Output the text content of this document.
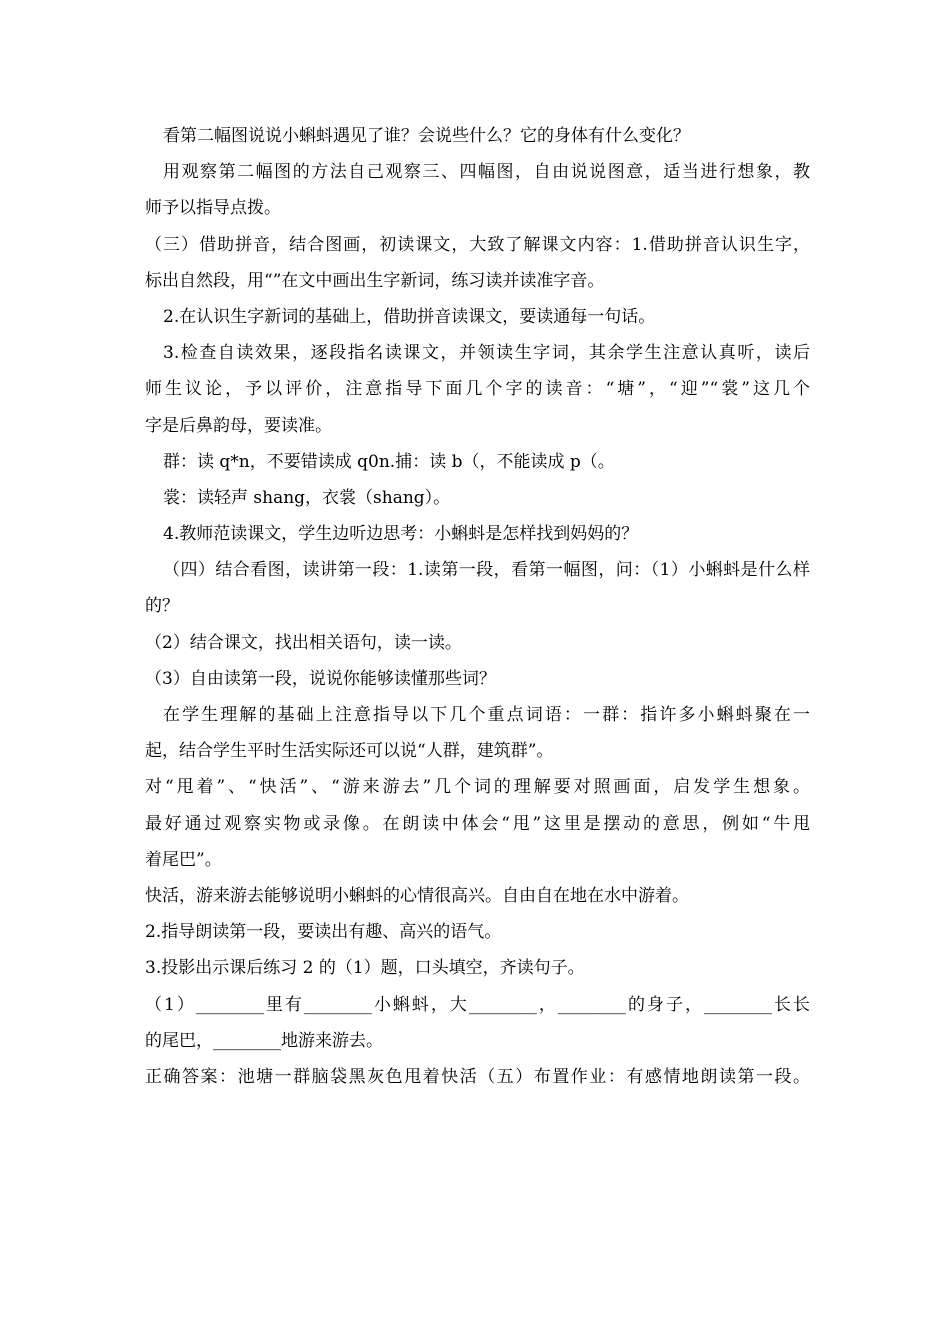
看第二幅图说说小蝌蚪遇见了谁？会说些什么？它的身体有什么变化？
用观察第二幅图的方法自己观察三、四幅图，自由说说图意，适当进行想象，教
师予以指导点拨。
（三）借助拼音，结合图画，初读课文，大致了解课文内容：1.借助拼音认识生字，
标出自然段，用“”在文中画出生字新词，练习读并读准字音。
2.在认识生字新词的基础上，借助拼音读课文，要读通每一句话。
3.检查自读效果，逐段指名读课文，并领读生字词，其余学生注意认真听，读后
师生议论，予以评价，注意指导下面几个字的读音：“塘”，“迎”“裳”这几个
字是后鼻韵母，要读准。
群：读 q*n，不要错读成 q0n.捕：读 b（，不能读成 p（。
裳：读轻声 shang，衣裳（shang）。
4.教师范读课文，学生边听边思考：小蝌蚪是怎样找到妈妈的？
（四）结合看图，读讲第一段：1.读第一段，看第一幅图，问：（1）小蝌蚪是什么样
的？
（2）结合课文，找出相关语句，读一读。
（3）自由读第一段，说说你能够读懂那些词？
在学生理解的基础上注意指导以下几个重点词语：一群：指许多小蝌蚪聚在一
起，结合学生平时生活实际还可以说“人群，建筑群”。
对“甩着”、“快活”、“游来游去”几个词的理解要对照画面，启发学生想象。
最好通过观察实物或录像。在朗读中体会“甩”这里是摆动的意思，例如“牛甩
着尾巴”。
快活，游来游去能够说明小蝌蚪的心情很高兴。自由自在地在水中游着。
2.指导朗读第一段，要读出有趣、高兴的语气。
3.投影出示课后练习 2 的（1）题，口头填空，齐读句子。
（1）________里有________小蝌蚪，大________，________的身子，________长长
的尾巴，________地游来游去。
正确答案：池塘一群脑袋黑灰色甩着快活（五）布置作业：有感情地朗读第一段。
